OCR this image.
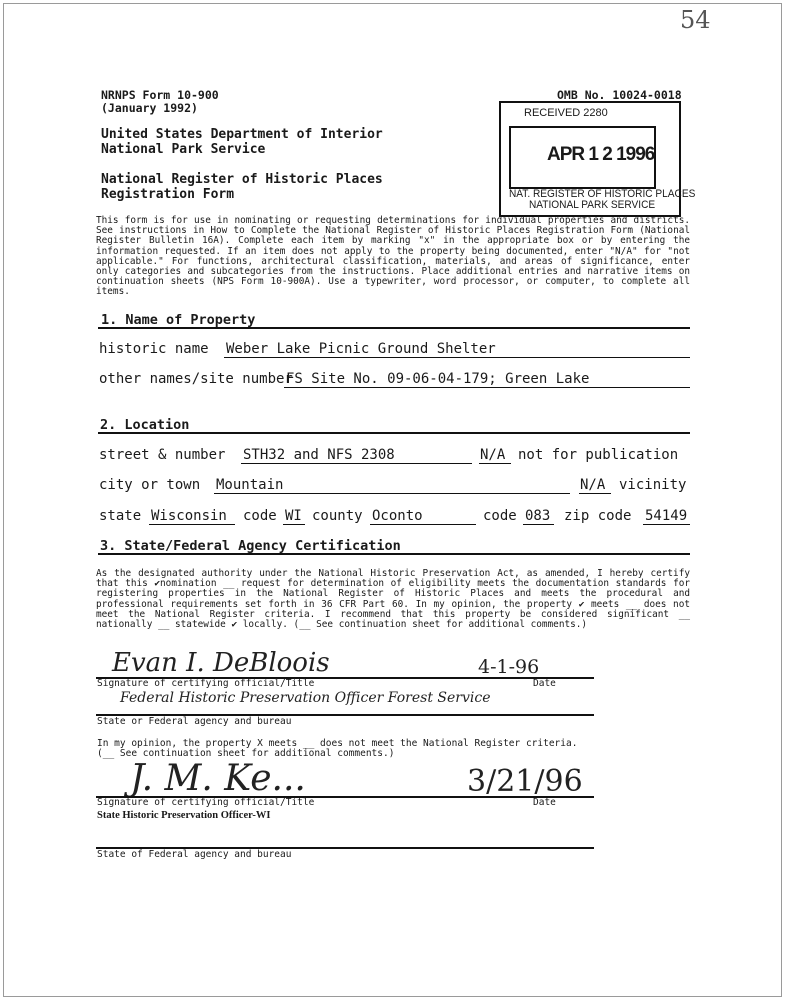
54
NRNPS Form 10-900
(January 1992)
OMB No. 10024-0018
United States Department of Interior
National Park Service
National Register of Historic Places
Registration Form
RECEIVED 2280
APR 1 2 1996
NAT. REGISTER OF HISTORIC PLACES
NATIONAL PARK SERVICE
This form is for use in nominating or requesting determinations for individual properties and districts. See instructions in How to Complete the National Register of Historic Places Registration Form (National Register Bulletin 16A). Complete each item by marking "x" in the appropriate box or by entering the information requested. If an item does not apply to the property being documented, enter "N/A" for "not applicable." For functions, architectural classification, materials, and areas of significance, enter only categories and subcategories from the instructions. Place additional entries and narrative items on continuation sheets (NPS Form 10-900A). Use a typewriter, word processor, or computer, to complete all items.
1. Name of Property
historic name Weber Lake Picnic Ground Shelter
other names/site number
FS Site No. 09-06-04-179; Green Lake
2. Location
street & number STH32 and NFS 2308	N/A not for publication
city or town Mountain	N/A vicinity
state Wisconsin code WI county Oconto	code 083 zip code 54149
3. State/Federal Agency Certification
As the designated authority under the National Historic Preservation Act, as amended, I hereby certify that this ✔nomination __ request for determination of eligibility meets the documentation standards for registering properties in the National Register of Historic Places and meets the procedural and professional requirements set forth in 36 CFR Part 60. In my opinion, the property ✔ meets __ does not meet the National Register criteria. I recommend that this property be considered significant __ nationally __ statewide ✔ locally. (__ See continuation sheet for additional comments.)
Evan I. DeBloois	4-1-96
Signature of certifying official/Title	Date
Federal Historic Preservation Officer Forest Service
State or Federal agency and bureau
In my opinion, the property X meets __ does not meet the National Register criteria.
(__ See continuation sheet for additional comments.)
J. M. Ke...	3/21/96
Signature of certifying official/Title	Date
State Historic Preservation Officer-WI
State of Federal agency and bureau
